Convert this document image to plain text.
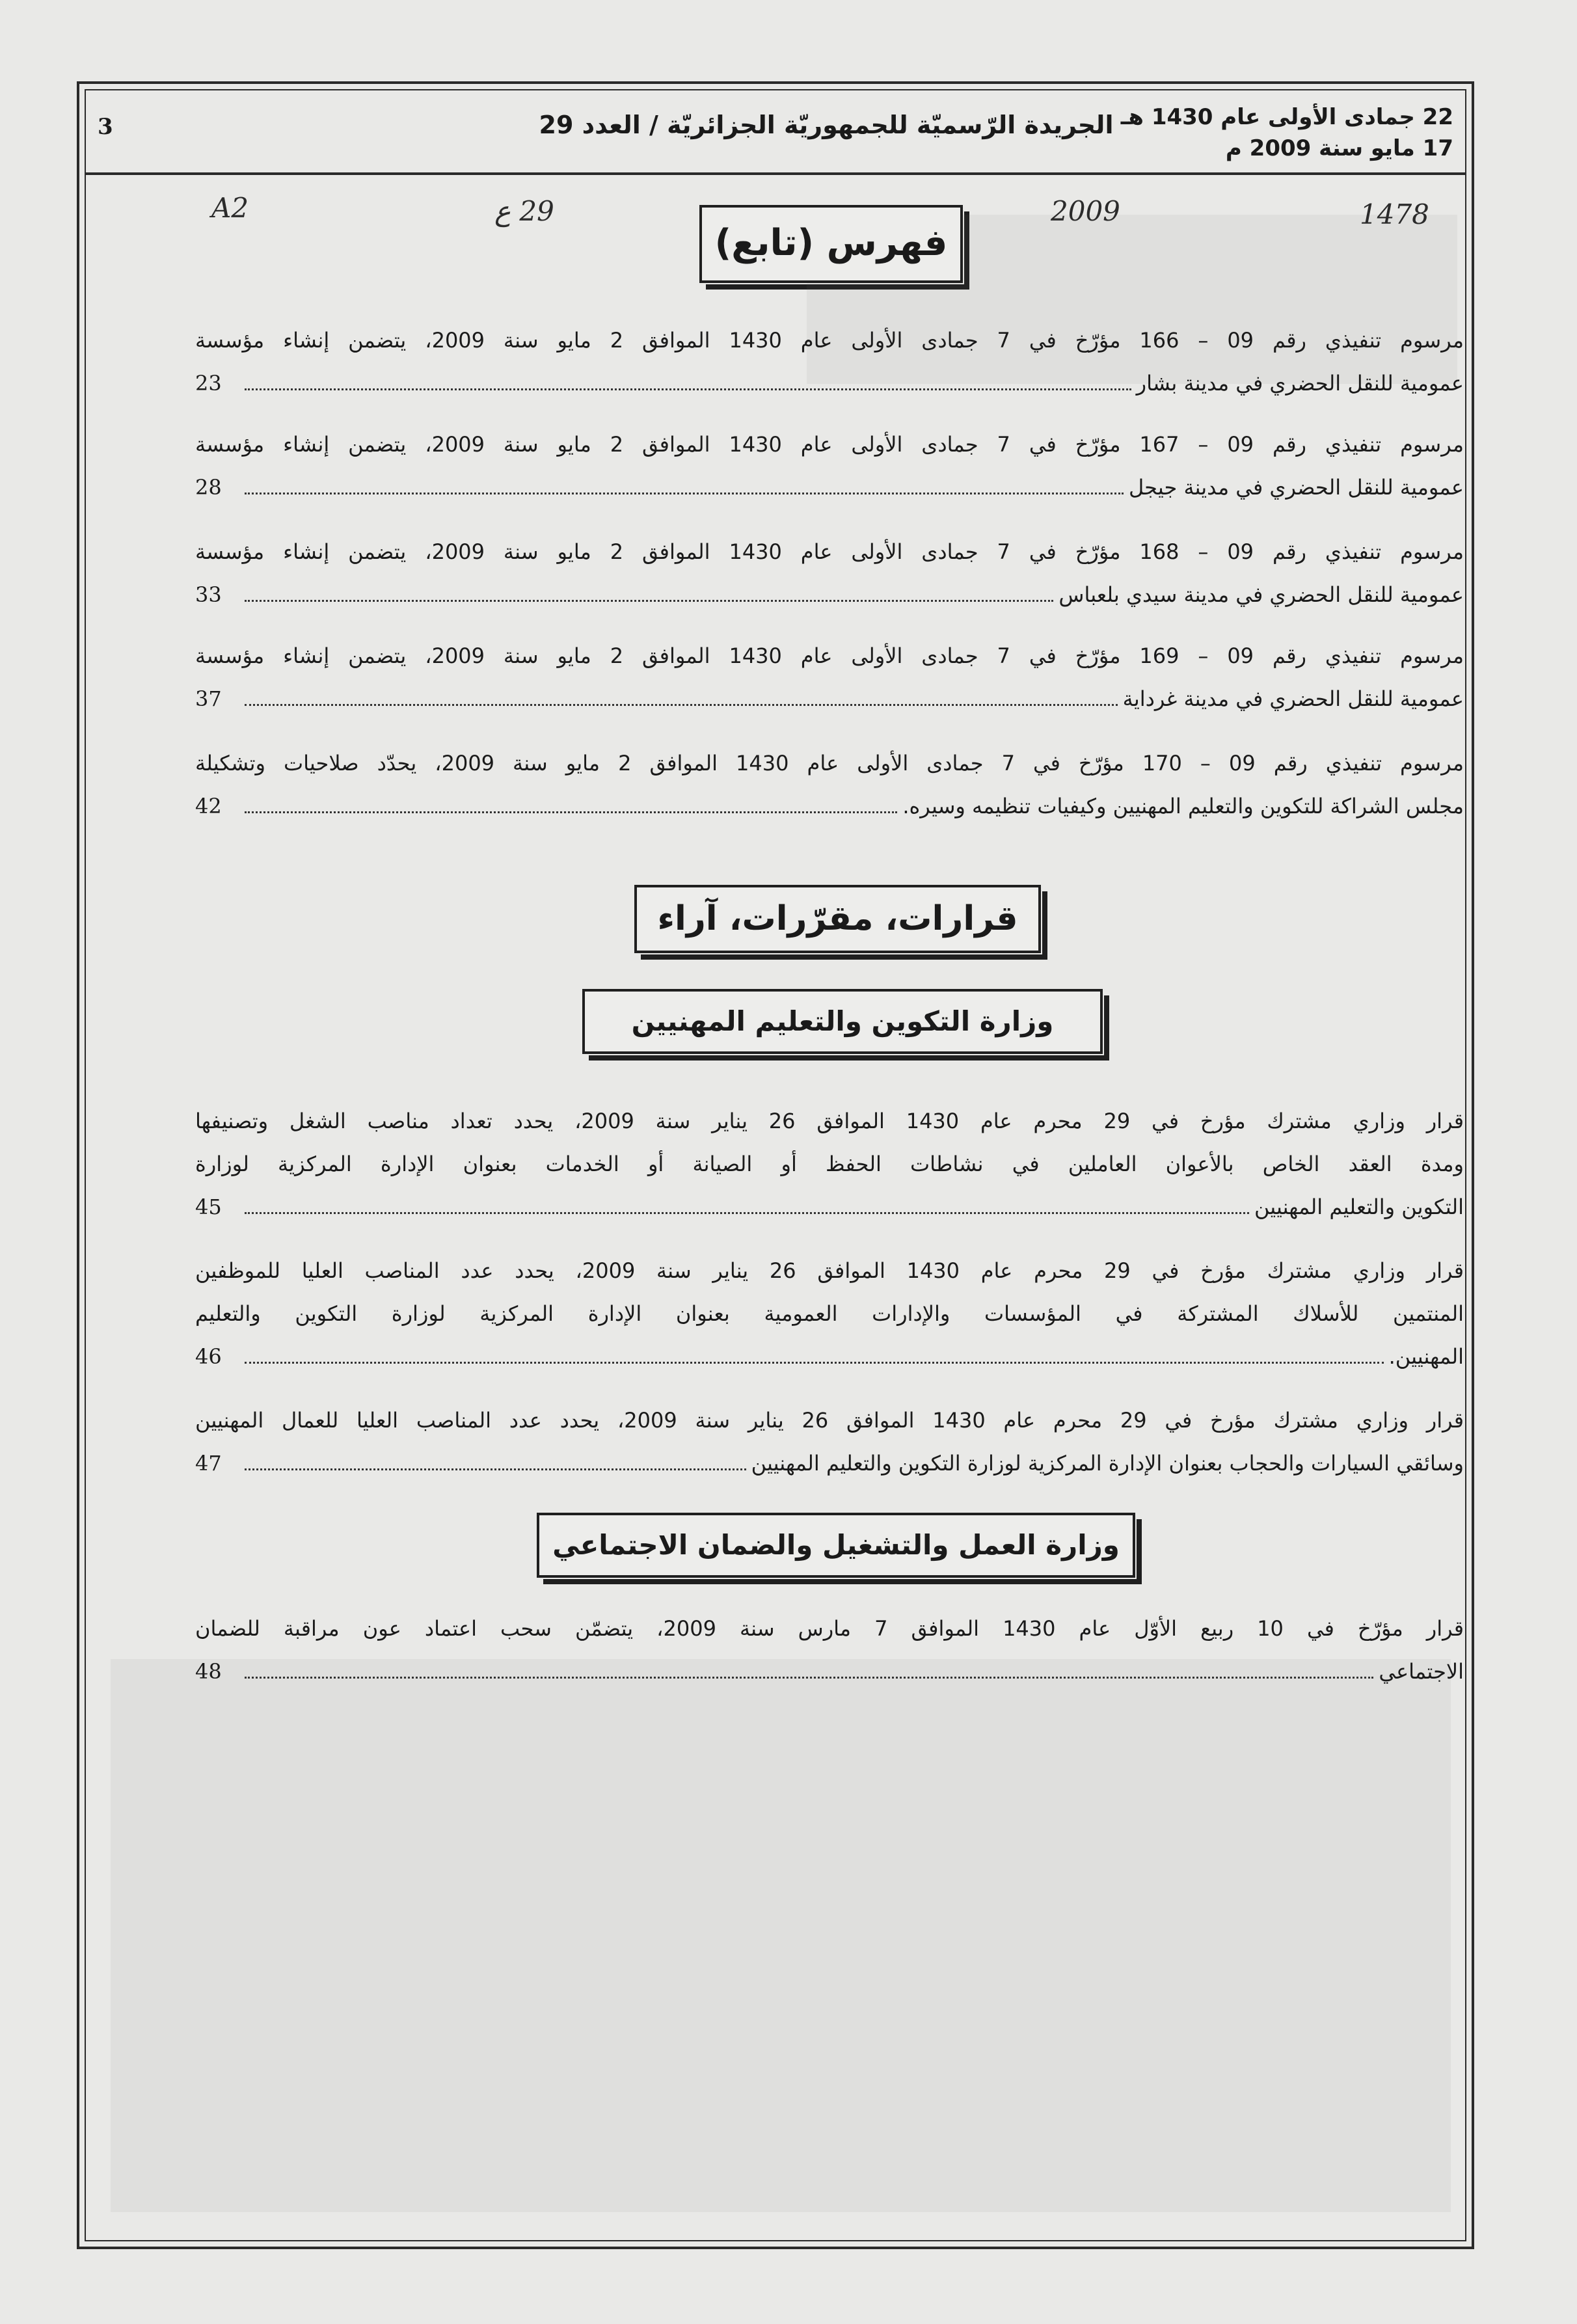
3	الجريدة الرّسميّة للجمهوريّة الجزائريّة / العدد 29 22 جمادى الأولى عام 1430 هـ
17 مايو سنة 2009 م
A2	29 ع	2009	1478
فهرس (تابع)
قرارات، مقرّرات، آراء
وزارة التكوين والتعليم المهنيين
وزارة العمل والتشغيل والضمان الاجتماعي
مرسوم تنفيذي رقم 09 – 166 مؤرّخ في 7 جمادى الأولى عام 1430 الموافق 2 مايو سنة 2009، يتضمن إنشاء مؤسسة
عمومية للنقل الحضري في مدينة بشار
23
مرسوم تنفيذي رقم 09 – 167 مؤرّخ في 7 جمادى الأولى عام 1430 الموافق 2 مايو سنة 2009، يتضمن إنشاء مؤسسة
عمومية للنقل الحضري في مدينة جيجل
28
مرسوم تنفيذي رقم 09 – 168 مؤرّخ في 7 جمادى الأولى عام 1430 الموافق 2 مايو سنة 2009، يتضمن إنشاء مؤسسة
عمومية للنقل الحضري في مدينة سيدي بلعباس
33
مرسوم تنفيذي رقم 09 – 169 مؤرّخ في 7 جمادى الأولى عام 1430 الموافق 2 مايو سنة 2009، يتضمن إنشاء مؤسسة
عمومية للنقل الحضري في مدينة غرداية
37
مرسوم تنفيذي رقم 09 – 170 مؤرّخ في 7 جمادى الأولى عام 1430 الموافق 2 مايو سنة 2009، يحدّد صلاحيات وتشكيلة
مجلس الشراكة للتكوين والتعليم المهنيين وكيفيات تنظيمه وسيره.
42
قرار وزاري مشترك مؤرخ في 29 محرم عام 1430 الموافق 26 يناير سنة 2009، يحدد تعداد مناصب الشغل وتصنيفها
ومدة العقد الخاص بالأعوان العاملين في نشاطات الحفظ أو الصيانة أو الخدمات بعنوان الإدارة المركزية لوزارة
التكوين والتعليم المهنيين
45
قرار وزاري مشترك مؤرخ في 29 محرم عام 1430 الموافق 26 يناير سنة 2009، يحدد عدد المناصب العليا للموظفين
المنتمين للأسلاك المشتركة في المؤسسات والإدارات العمومية بعنوان الإدارة المركزية لوزارة التكوين والتعليم
المهنيين.
46
قرار وزاري مشترك مؤرخ في 29 محرم عام 1430 الموافق 26 يناير سنة 2009، يحدد عدد المناصب العليا للعمال المهنيين
وسائقي السيارات والحجاب بعنوان الإدارة المركزية لوزارة التكوين والتعليم المهنيين
47
قرار مؤرّخ في 10 ربيع الأوّل عام 1430 الموافق 7 مارس سنة 2009، يتضمّن سحب اعتماد عون مراقبة للضمان
الاجتماعي
48
